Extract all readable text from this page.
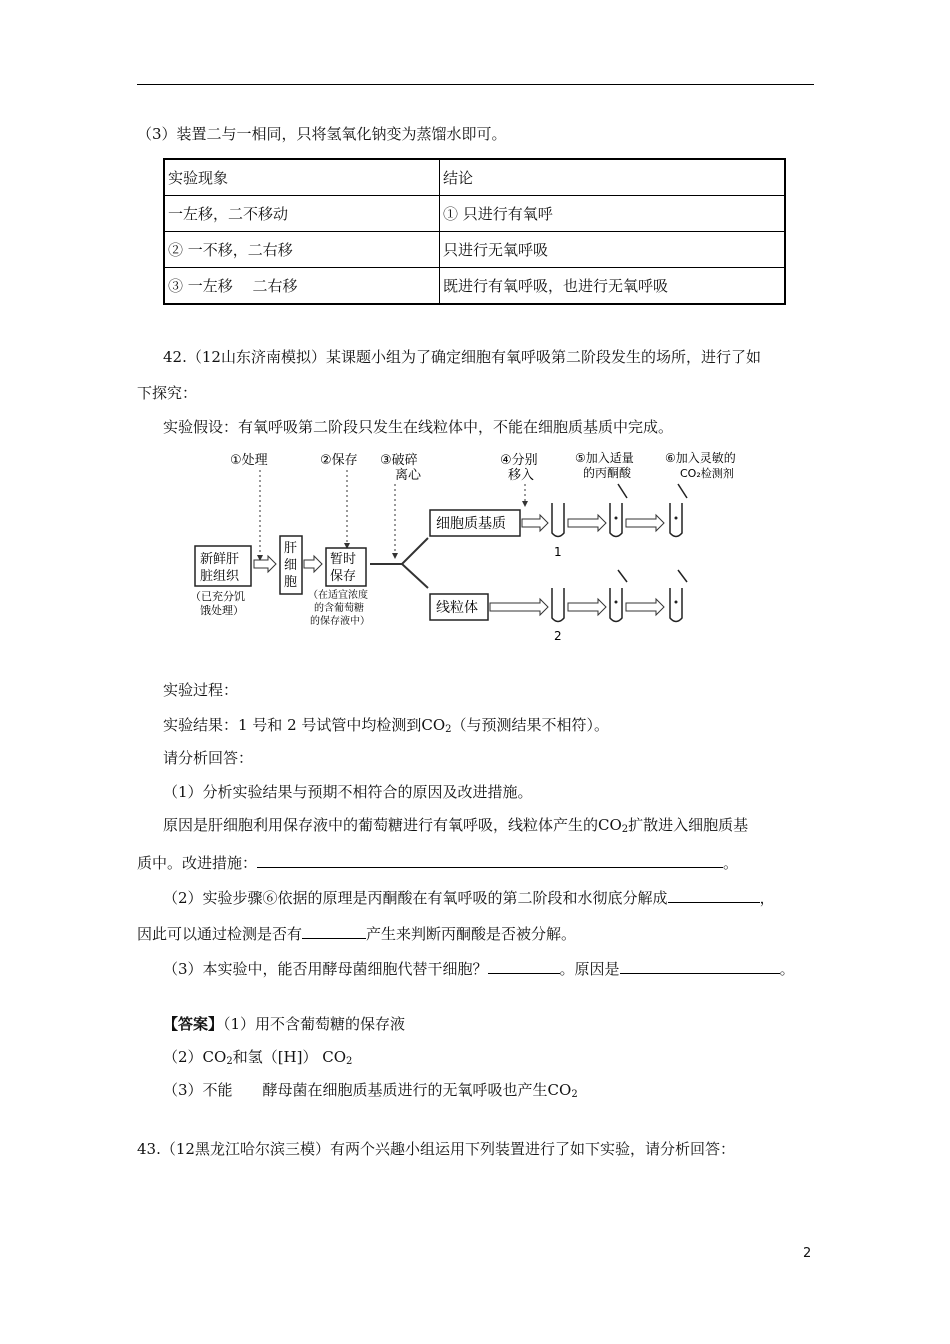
（3）装置二与一相同，只将氢氧化钠变为蒸馏水即可。
实验现象	结论
一左移，二不移动	① 只进行有氧呼
② 一不移，二右移	只进行无氧呼吸
③ 一左移　 二右移	既进行有氧呼吸，也进行无氧呼吸
42.（12山东济南模拟）某课题小组为了确定细胞有氧呼吸第二阶段发生的场所，进行了如
下探究：
实验假设：有氧呼吸第二阶段只发生在线粒体中，不能在细胞质基质中完成。
①处理	②保存 ③破碎
离心
④分别
移入
⑤加入适量
的丙酮酸
⑥加入灵敏的
CO₂检测剂
新鲜肝
脏组织
（已充分饥
饿处理）
肝
细
胞
暂时
保存
（在适宜浓度
的含葡萄糖
的保存液中）
细胞质基质
线粒体
1
2
实验过程：
实验结果：1 号和 2 号试管中均检测到$CO_2$（与预测结果不相符）。
请分析回答：
（1）分析实验结果与预期不相符合的原因及改进措施。
原因是肝细胞利用保存液中的葡萄糖进行有氧呼吸，线粒体产生的$CO_2$扩散进入细胞质基
质中。改进措施：	。
（2）实验步骤⑥依据的原理是丙酮酸在有氧呼吸的第二阶段和水彻底分解成	，
因此可以通过检测是否有	产生来判断丙酮酸是否被分解。
（3）本实验中，能否用酵母菌细胞代替干细胞？	。原因是	。
【答案】（1）用不含葡萄糖的保存液
$(2)CO_2$和氢（[H]） $CO_2$
（3）不能　　酵母菌在细胞质基质进行的无氧呼吸也产生$CO_2$
43.（12黑龙江哈尔滨三模）有两个兴趣小组运用下列装置进行了如下实验，请分析回答：
2
